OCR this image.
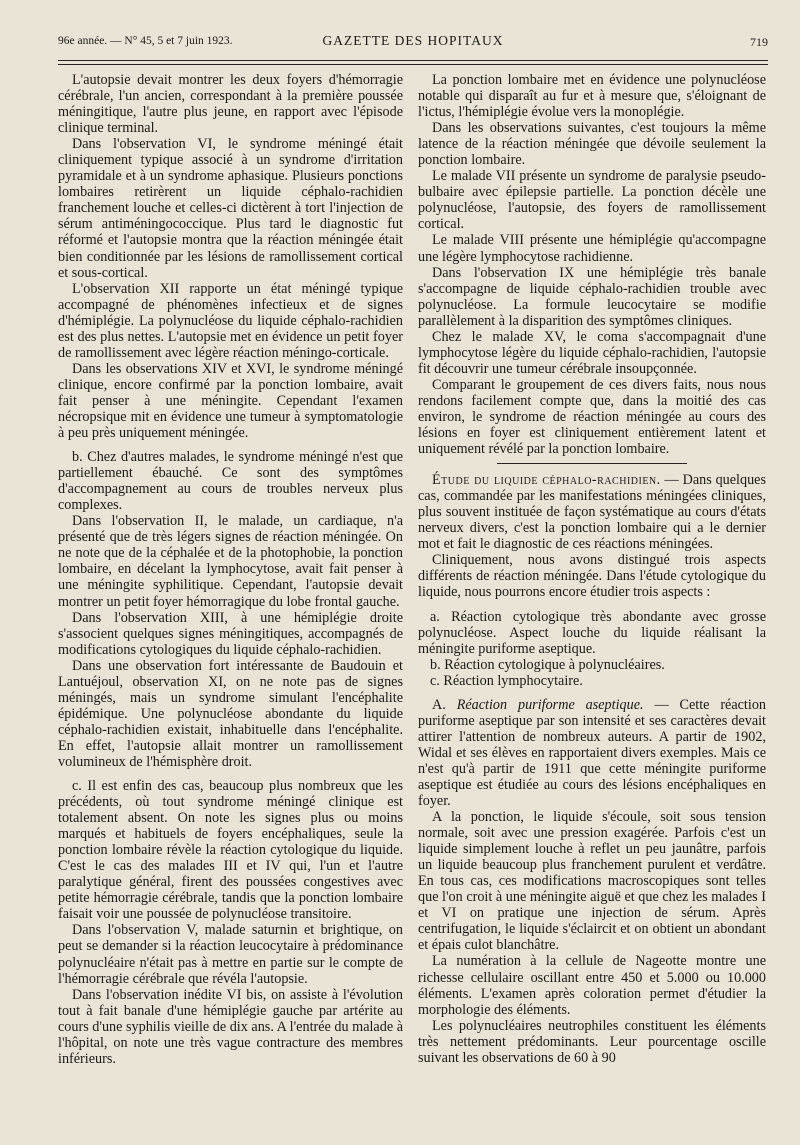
96e année. — N° 45, 5 et 7 juin 1923.	GAZETTE DES HOPITAUX	719

L'autopsie devait montrer les deux foyers d'hémorragie cérébrale, l'un ancien, correspondant à la première poussée méningitique, l'autre plus jeune, en rapport avec l'épisode clinique terminal.

Dans l'observation VI, le syndrome méningé était cliniquement typique associé à un syndrome d'irritation pyramidale et à un syndrome aphasique. Plusieurs ponctions lombaires retirèrent un liquide céphalo-rachidien franchement louche et celles-ci dictèrent à tort l'injection de sérum antiméningococcique. Plus tard le diagnostic fut réformé et l'autopsie montra que la réaction méningée était bien conditionnée par les lésions de ramollissement cortical et sous-cortical.

L'observation XII rapporte un état méningé typique accompagné de phénomènes infectieux et de signes d'hémiplégie. La polynucléose du liquide céphalo-rachidien est des plus nettes. L'autopsie met en évidence un petit foyer de ramollissement avec légère réaction méningo-corticale.

Dans les observations XIV et XVI, le syndrome méningé clinique, encore confirmé par la ponction lombaire, avait fait penser à une méningite. Cependant l'examen nécropsique mit en évidence une tumeur à symptomatologie à peu près uniquement méningée.

b. Chez d'autres malades, le syndrome méningé n'est que partiellement ébauché. Ce sont des symptômes d'accompagnement au cours de troubles nerveux plus complexes.

Dans l'observation II, le malade, un cardiaque, n'a présenté que de très légers signes de réaction méningée. On ne note que de la céphalée et de la photophobie, la ponction lombaire, en décelant la lymphocytose, avait fait penser à une méningite syphilitique. Cependant, l'autopsie devait montrer un petit foyer hémorragique du lobe frontal gauche.

Dans l'observation XIII, à une hémiplégie droite s'associent quelques signes méningitiques, accompagnés de modifications cytologiques du liquide céphalo-rachidien.

Dans une observation fort intéressante de Baudouin et Lantuéjoul, observation XI, on ne note pas de signes méningés, mais un syndrome simulant l'encéphalite épidémique. Une polynucléose abondante du liquide céphalo-rachidien existait, inhabituelle dans l'encéphalite. En effet, l'autopsie allait montrer un ramollissement volumineux de l'hémisphère droit.

c. Il est enfin des cas, beaucoup plus nombreux que les précédents, où tout syndrome méningé clinique est totalement absent. On note les signes plus ou moins marqués et habituels de foyers encéphaliques, seule la ponction lombaire révèle la réaction cytologique du liquide. C'est le cas des malades III et IV qui, l'un et l'autre paralytique général, firent des poussées congestives avec petite hémorragie cérébrale, tandis que la ponction lombaire faisait voir une poussée de polynucléose transitoire.

Dans l'observation V, malade saturnin et brightique, on peut se demander si la réaction leucocytaire à prédominance polynucléaire n'était pas à mettre en partie sur le compte de l'hémorragie cérébrale que révéla l'autopsie.

Dans l'observation inédite VI bis, on assiste à l'évolution tout à fait banale d'une hémiplégie gauche par artérite au cours d'une syphilis vieille de dix ans. A l'entrée du malade à l'hôpital, on note une très vague contracture des membres inférieurs.

La ponction lombaire met en évidence une polynucléose notable qui disparaît au fur et à mesure que, s'éloignant de l'ictus, l'hémiplégie évolue vers la monoplégie.

Dans les observations suivantes, c'est toujours la même latence de la réaction méningée que dévoile seulement la ponction lombaire.

Le malade VII présente un syndrome de paralysie pseudo-bulbaire avec épilepsie partielle. La ponction décèle une polynucléose, l'autopsie, des foyers de ramollissement cortical.

Le malade VIII présente une hémiplégie qu'accompagne une légère lymphocytose rachidienne.

Dans l'observation IX une hémiplégie très banale s'accompagne de liquide céphalo-rachidien trouble avec polynucléose. La formule leucocytaire se modifie parallèlement à la disparition des symptômes cliniques.

Chez le malade XV, le coma s'accompagnait d'une lymphocytose légère du liquide céphalo-rachidien, l'autopsie fit découvrir une tumeur cérébrale insoupçonnée.

Comparant le groupement de ces divers faits, nous nous rendons facilement compte que, dans la moitié des cas environ, le syndrome de réaction méningée au cours des lésions en foyer est cliniquement entièrement latent et uniquement révélé par la ponction lombaire.

Étude du liquide céphalo-rachidien. — Dans quelques cas, commandée par les manifestations méningées cliniques, plus souvent instituée de façon systématique au cours d'états nerveux divers, c'est la ponction lombaire qui a le dernier mot et fait le diagnostic de ces réactions méningées.

Cliniquement, nous avons distingué trois aspects différents de réaction méningée. Dans l'étude cytologique du liquide, nous pourrons encore étudier trois aspects :

a. Réaction cytologique très abondante avec grosse polynucléose. Aspect louche du liquide réalisant la méningite puriforme aseptique.

b. Réaction cytologique à polynucléaires.

c. Réaction lymphocytaire.

A. Réaction puriforme aseptique. — Cette réaction puriforme aseptique par son intensité et ses caractères devait attirer l'attention de nombreux auteurs. A partir de 1902, Widal et ses élèves en rapportaient divers exemples. Mais ce n'est qu'à partir de 1911 que cette méningite puriforme aseptique est étudiée au cours des lésions encéphaliques en foyer.

A la ponction, le liquide s'écoule, soit sous tension normale, soit avec une pression exagérée. Parfois c'est un liquide simplement louche à reflet un peu jaunâtre, parfois un liquide beaucoup plus franchement purulent et verdâtre. En tous cas, ces modifications macroscopiques sont telles que l'on croit à une méningite aiguë et que chez les malades I et VI on pratique une injection de sérum. Après centrifugation, le liquide s'éclaircit et on obtient un abondant et épais culot blanchâtre.

La numération à la cellule de Nageotte montre une richesse cellulaire oscillant entre 450 et 5.000 ou 10.000 éléments. L'examen après coloration permet d'étudier la morphologie des éléments.

Les polynucléaires neutrophiles constituent les éléments très nettement prédominants. Leur pourcentage oscille suivant les observations de 60 à 90
